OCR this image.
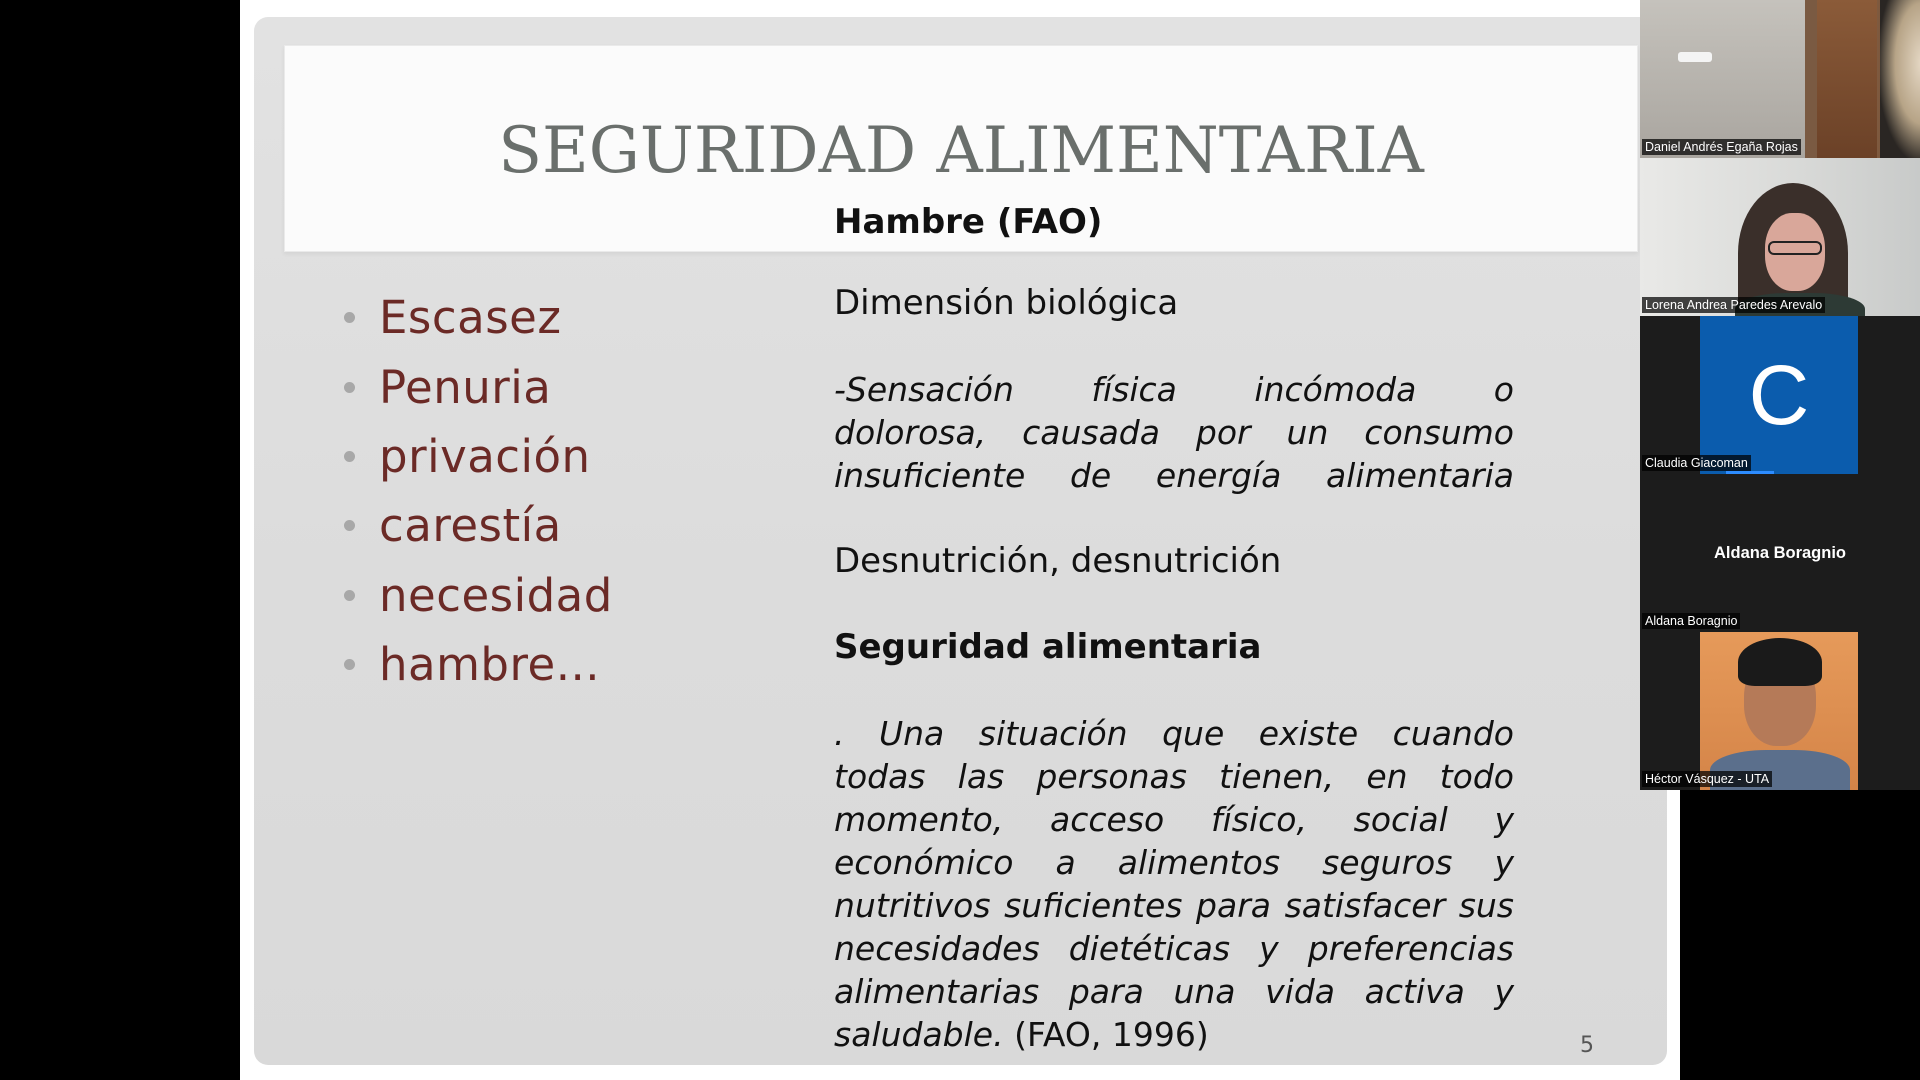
SEGURIDAD ALIMENTARIA
Hambre (FAO)
Escasez
Penuria
privación
carestía
necesidad
hambre...
Dimensión biológica
-Sensación física incómoda o
dolorosa, causada por un consumo
insuficiente de energía alimentaria
Desnutrición, desnutrición
Seguridad alimentaria
. Una situación que existe cuando
todas las personas tienen, en todo
momento, acceso físico, social y
económico a alimentos seguros y
nutritivos suficientes para satisfacer sus
necesidades dietéticas y preferencias
alimentarias para una vida activa y
saludable. (FAO, 1996)	5
Daniel Andrés Egaña Rojas
Lorena Andrea Paredes Arevalo
C
Claudia Giacoman
Aldana Boragnio
Aldana Boragnio
Héctor Vásquez - UTA
